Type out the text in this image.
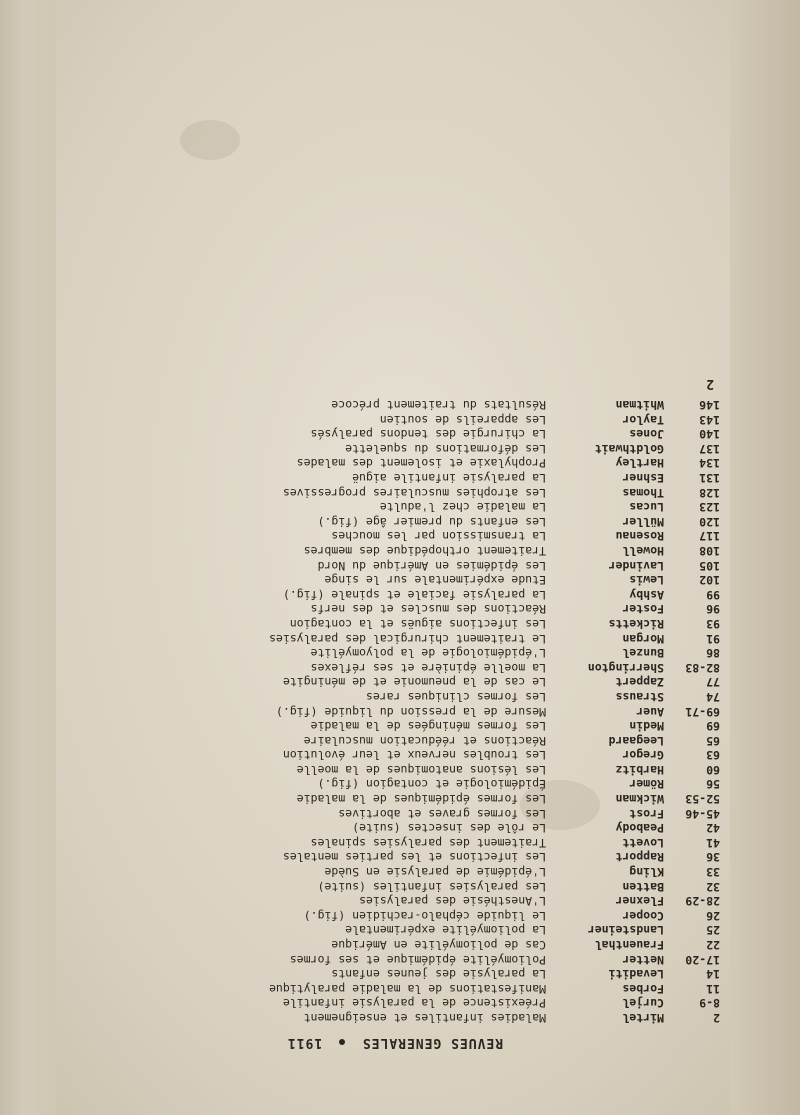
REVUES GENERALES  1911
2
Mirtel
Maladies infantiles et enseignement
8-9
Curjel
Préexistence de la paralysie infantile
11
Forbes
Manifestations de la maladie paralytique
14
Levaditi
La paralysie des jeunes enfants
17-20
Netter
Poliomyélite épidémique et ses formes
22
Frauenthal
Cas de poliomyélite en Amérique
25
Landsteiner
La poliomyélite expérimentale
26
Cooper
Le liquide céphalo-rachidien (fig.)
28-29
Flexner
L'Anesthésie des paralysies
32
Batten
Les paralysies infantiles (suite)
33
Kling
L'épidémie de paralysie en Suède
36
Rapport
Les infections et les parties mentales
41
Lovett
Traitement des paralysies spinales
42
Peabody
Le rôle des insectes (suite)
45-46
Frost
Les formes graves et abortives
52-53
Wickman
Les formes épidémiques de la maladie
56
Römer
Épidémiologie et contagion (fig.)
60
Harbitz
Les lésions anatomiques de la moelle
63
Gregor
Les troubles nerveux et leur évolution
65
Leegaard
Réactions et rééducation musculaire
69
Medin
Les formes méningées de la maladie
69-71
Auer
Mesure de la pression du liquide (fig.)
74
Strauss
Les formes cliniques rares
77
Zappert
Le cas de la pneumonie et de méningite
82-83
Sherrington
La moelle épinière et ses réflexes
86
Bunzel
L'épidémiologie de la polyomyélite
91
Morgan
Le traitement chirurgical des paralysies
93
Ricketts
Les infections aiguës et la contagion
96
Foster
Réactions des muscles et des nerfs
99
Ashby
La paralysie faciale et spinale (fig.)
102
Lewis
Etude expérimentale sur le singe
105
Lavinder
Les épidémies en Amérique du Nord
108
Howell
Traitement orthopédique des membres
117
Rosenau
La transmission par les mouches
120
Müller
Les enfants du premier âge (fig.)
123
Lucas
La maladie chez l'adulte
128
Thomas
Les atrophies musculaires progressives
131
Eshner
La paralysie infantile aiguë
134
Hartley
Prophylaxie et isolement des malades
137
Goldthwait
Les déformations du squelette
140
Jones
La chirurgie des tendons paralysés
143
Taylor
Les appareils de soutien
146
Whitman
Résultats du traitement précoce
2
